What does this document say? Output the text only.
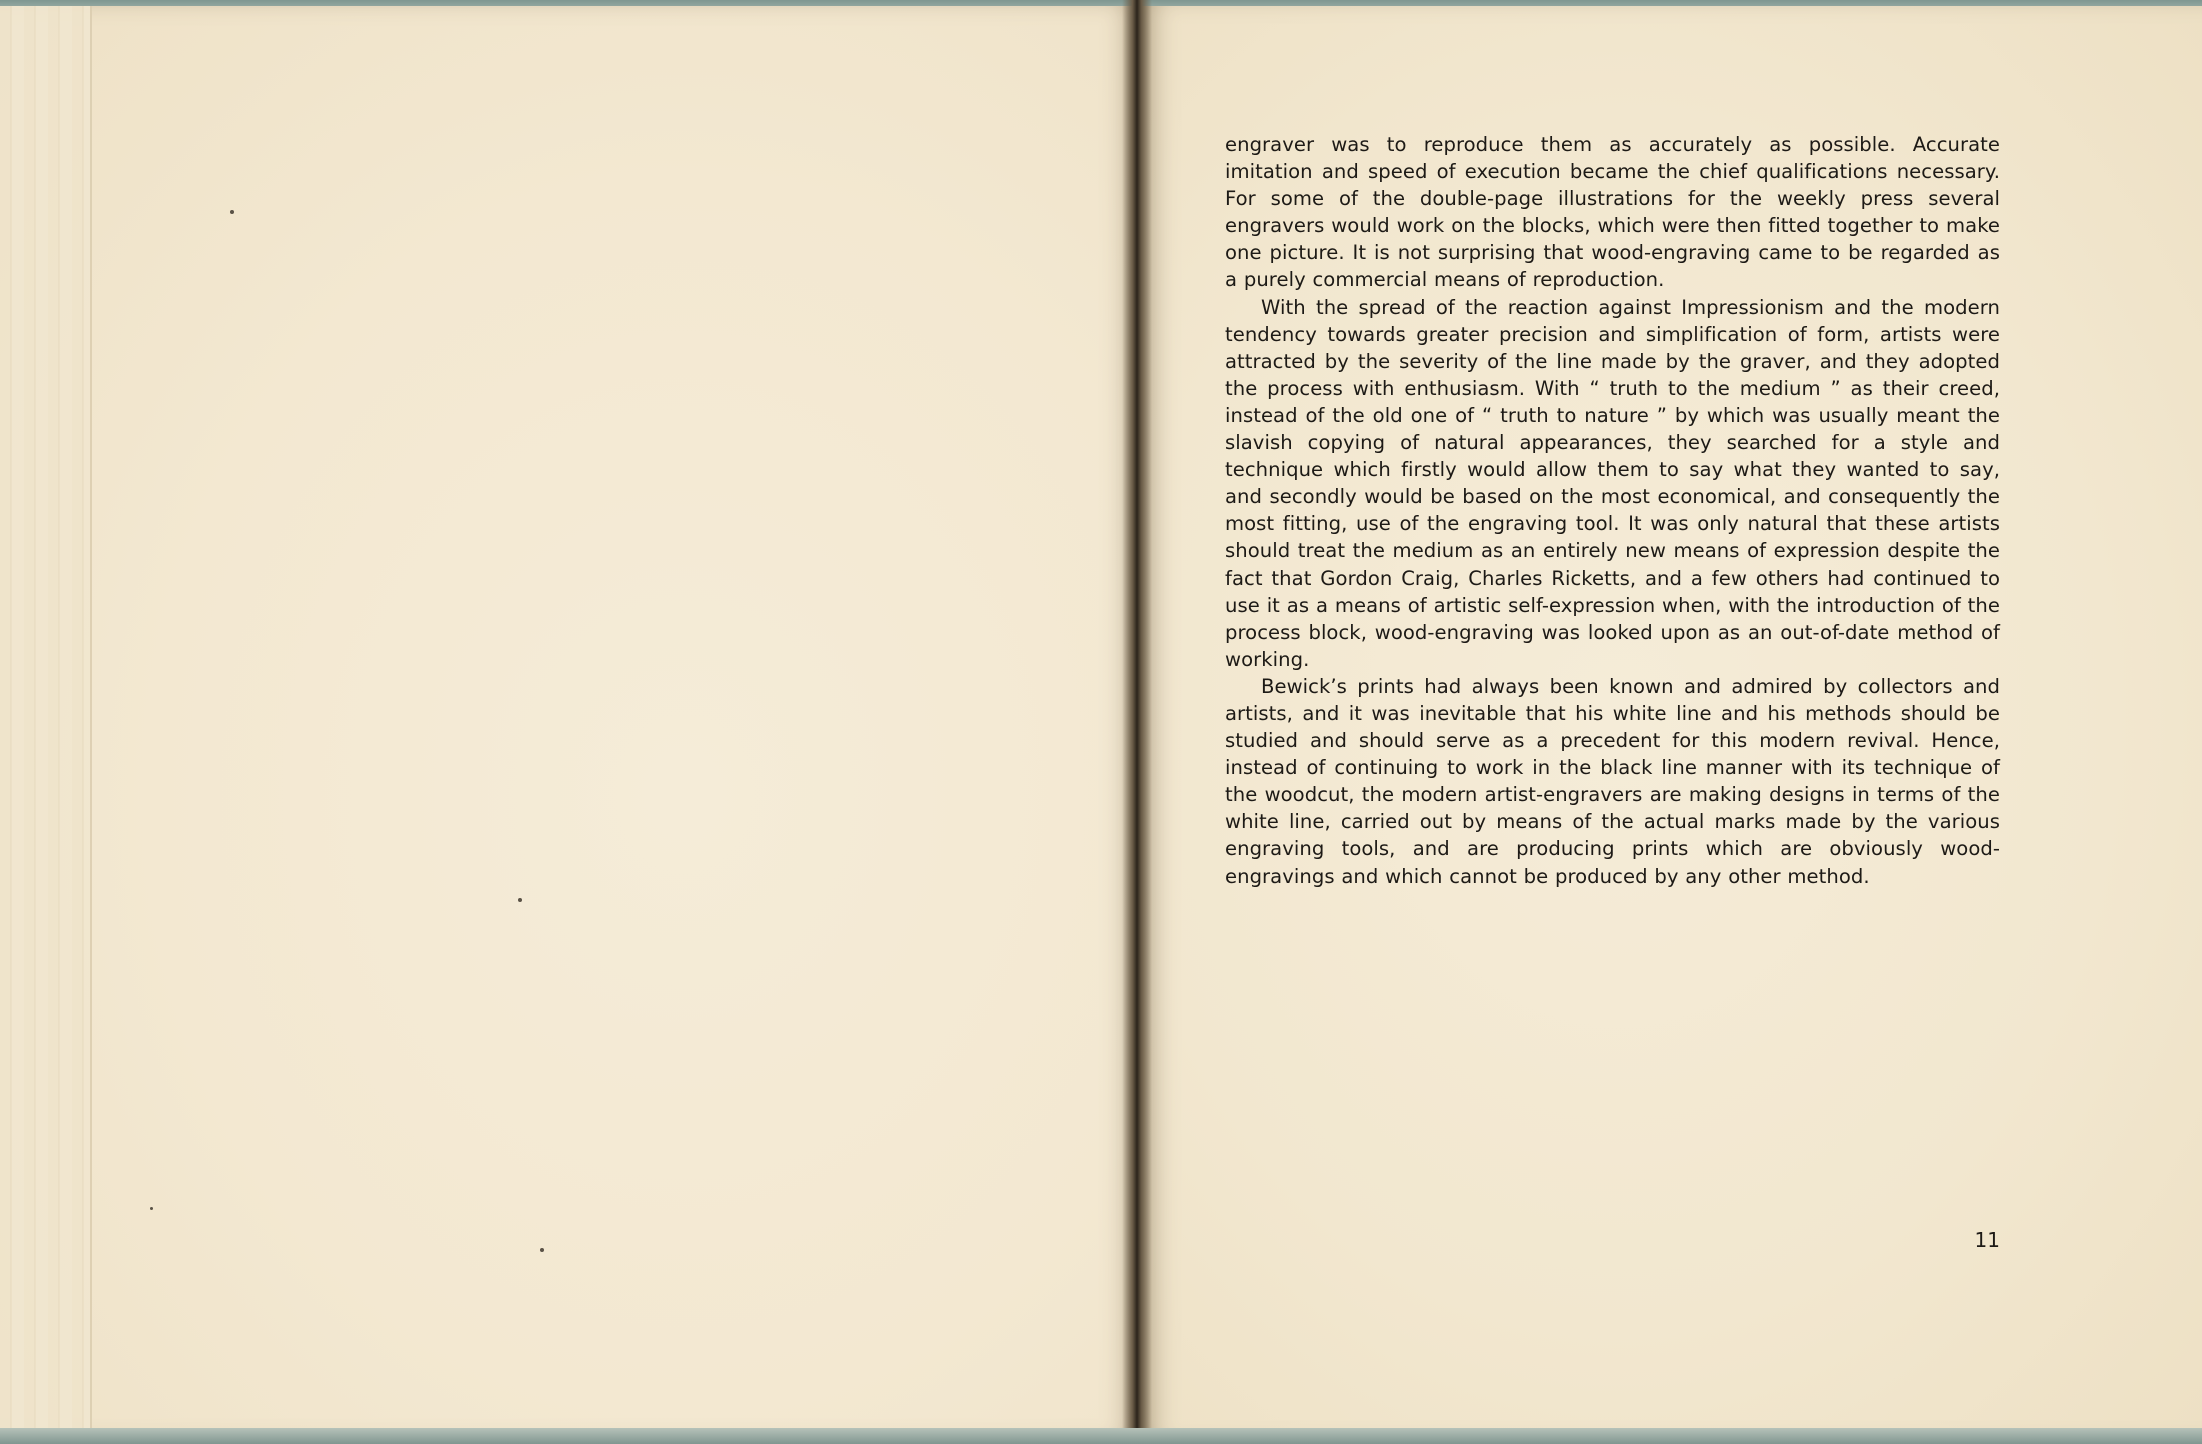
engraver was to reproduce them as accurately as possible. Accurate imitation and speed of execution became the chief qualifications necessary. For some of the double-page illustrations for the weekly press several engravers would work on the blocks, which were then fitted together to make one picture. It is not surprising that wood-engraving came to be regarded as a purely commercial means of reproduction.

With the spread of the reaction against Impressionism and the modern tendency towards greater precision and simplification of form, artists were attracted by the severity of the line made by the graver, and they adopted the process with enthusiasm. With “ truth to the medium ” as their creed, instead of the old one of “ truth to nature ” by which was usually meant the slavish copying of natural appearances, they searched for a style and technique which firstly would allow them to say what they wanted to say, and secondly would be based on the most economical, and consequently the most fitting, use of the engraving tool. It was only natural that these artists should treat the medium as an entirely new means of expression despite the fact that Gordon Craig, Charles Ricketts, and a few others had continued to use it as a means of artistic self-expression when, with the introduction of the process block, wood-engraving was looked upon as an out-of-date method of working.

Bewick’s prints had always been known and admired by collectors and artists, and it was inevitable that his white line and his methods should be studied and should serve as a precedent for this modern revival. Hence, instead of continuing to work in the black line manner with its technique of the woodcut, the modern artist-engravers are making designs in terms of the white line, carried out by means of the actual marks made by the various engraving tools, and are producing prints which are obviously wood-engravings and which cannot be produced by any other method.

11
